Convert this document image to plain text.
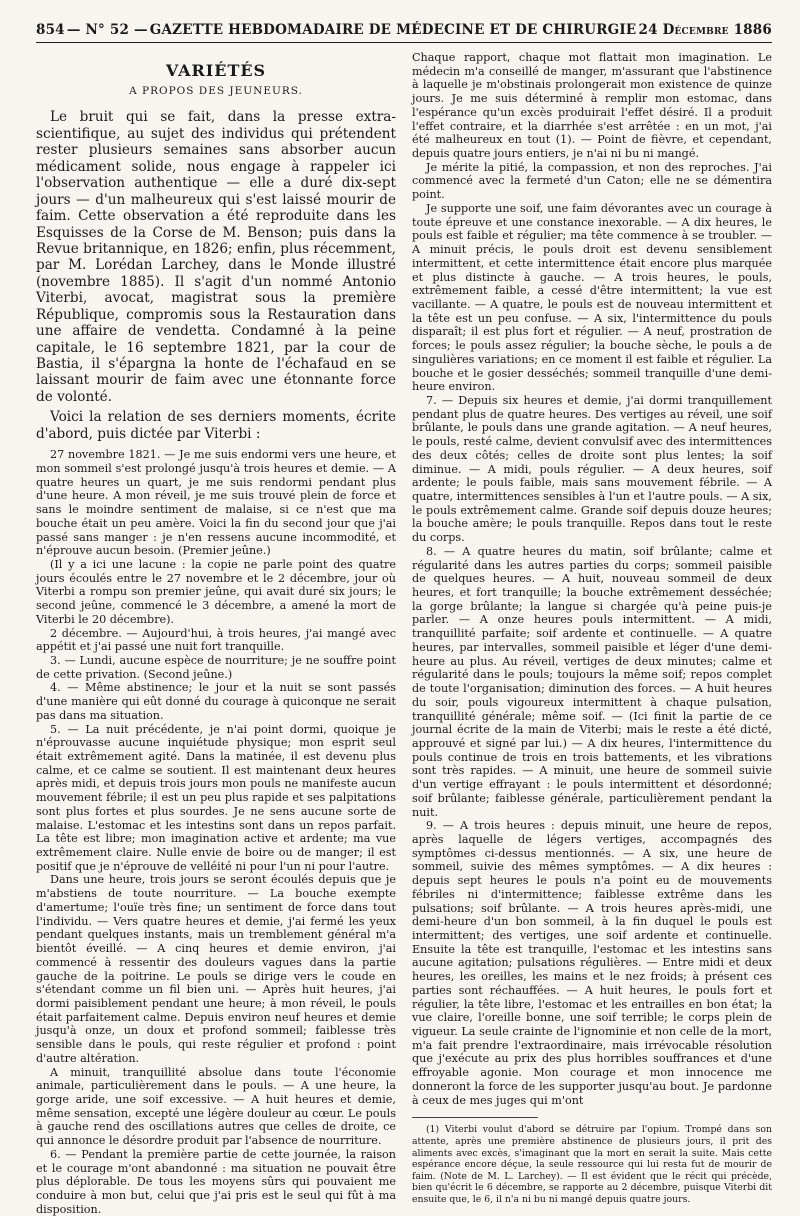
854 — N° 52 — GAZETTE HEBDOMADAIRE DE MÉDECINE ET DE CHIRURGIE 24 Décembre 1886
VARIÉTÉS
A PROPOS DES JEUNEURS.

Le bruit qui se fait, dans la presse extra-scientifique, au sujet des individus qui prétendent rester plusieurs semaines sans absorber aucun médicament solide, nous engage à rappeler ici l'observation authentique — elle a duré dix-sept jours — d'un malheureux qui s'est laissé mourir de faim. Cette observation a été reproduite dans les Esquisses de la Corse de M. Benson; puis dans la Revue britannique, en 1826; enfin, plus récemment, par M. Lorédan Larchey, dans le Monde illustré (novembre 1885). Il s'agit d'un nommé Antonio Viterbi, avocat, magistrat sous la première République, compromis sous la Restauration dans une affaire de vendetta. Condamné à la peine capitale, le 16 septembre 1821, par la cour de Bastia, il s'épargna la honte de l'échafaud en se laissant mourir de faim avec une étonnante force de volonté.

Voici la relation de ses derniers moments, écrite d'abord, puis dictée par Viterbi :

27 novembre 1821. — Je me suis endormi vers une heure, et mon sommeil s'est prolongé jusqu'à trois heures et demie. — A quatre heures un quart, je me suis rendormi pendant plus d'une heure. A mon réveil, je me suis trouvé plein de force et sans le moindre sentiment de malaise, si ce n'est que ma bouche était un peu amère. Voici la fin du second jour que j'ai passé sans manger : je n'en ressens aucune incommodité, et n'éprouve aucun besoin. (Premier jeûne.)

(Il y a ici une lacune : la copie ne parle point des quatre jours écoulés entre le 27 novembre et le 2 décembre, jour où Viterbi a rompu son premier jeûne, qui avait duré six jours; le second jeûne, commencé le 3 décembre, a amené la mort de Viterbi le 20 décembre).

2 décembre. — Aujourd'hui, à trois heures, j'ai mangé avec appétit et j'ai passé une nuit fort tranquille.

3. — Lundi, aucune espèce de nourriture; je ne souffre point de cette privation. (Second jeûne.)

4. — Même abstinence; le jour et la nuit se sont passés d'une manière qui eût donné du courage à quiconque ne serait pas dans ma situation.

5. — La nuit précédente, je n'ai point dormi, quoique je n'éprouvasse aucune inquiétude physique; mon esprit seul était extrêmement agité. Dans la matinée, il est devenu plus calme, et ce calme se soutient. Il est maintenant deux heures après midi, et depuis trois jours mon pouls ne manifeste aucun mouvement fébrile; il est un peu plus rapide et ses palpitations sont plus fortes et plus sourdes. Je ne sens aucune sorte de malaise. L'estomac et les intestins sont dans un repos parfait. La tête est libre; mon imagination active et ardente; ma vue extrêmement claire. Nulle envie de boire ou de manger; il est positif que je n'éprouve de velléité ni pour l'un ni pour l'autre.

Dans une heure, trois jours se seront écoulés depuis que je m'abstiens de toute nourriture. — La bouche exempte d'amertume; l'ouïe très fine; un sentiment de force dans tout l'individu. — Vers quatre heures et demie, j'ai fermé les yeux pendant quelques instants, mais un tremblement général m'a bientôt éveillé. — A cinq heures et demie environ, j'ai commencé à ressentir des douleurs vagues dans la partie gauche de la poitrine. Le pouls se dirige vers le coude en s'étendant comme un fil bien uni. — Après huit heures, j'ai dormi paisiblement pendant une heure; à mon réveil, le pouls était parfaitement calme. Depuis environ neuf heures et demie jusqu'à onze, un doux et profond sommeil; faiblesse très sensible dans le pouls, qui reste régulier et profond : point d'autre altération.

A minuit, tranquillité absolue dans toute l'économie animale, particulièrement dans le pouls. — A une heure, la gorge aride, une soif excessive. — A huit heures et demie, même sensation, excepté une légère douleur au cœur. Le pouls à gauche rend des oscillations autres que celles de droite, ce qui annonce le désordre produit par l'absence de nourriture.

6. — Pendant la première partie de cette journée, la raison et le courage m'ont abandonné : ma situation ne pouvait être plus déplorable. De tous les moyens sûrs qui pouvaient me conduire à mon but, celui que j'ai pris est le seul qui fût à ma disposition.

Chaque rapport, chaque mot flattait mon imagination. Le médecin m'a conseillé de manger, m'assurant que l'abstinence à laquelle je m'obstinais prolongerait mon existence de quinze jours. Je me suis déterminé à remplir mon estomac, dans l'espérance qu'un excès produirait l'effet désiré. Il a produit l'effet contraire, et la diarrhée s'est arrêtée : en un mot, j'ai été malheureux en tout (1). — Point de fièvre, et cependant, depuis quatre jours entiers, je n'ai ni bu ni mangé.

Je mérite la pitié, la compassion, et non des reproches. J'ai commencé avec la fermeté d'un Caton; elle ne se démentira point.

Je supporte une soif, une faim dévorantes avec un courage à toute épreuve et une constance inexorable. — A dix heures, le pouls est faible et régulier; ma tête commence à se troubler. — A minuit précis, le pouls droit est devenu sensiblement intermittent, et cette intermittence était encore plus marquée et plus distincte à gauche. — A trois heures, le pouls, extrêmement faible, a cessé d'être intermittent; la vue est vacillante. — A quatre, le pouls est de nouveau intermittent et la tête est un peu confuse. — A six, l'intermittence du pouls disparaît; il est plus fort et régulier. — A neuf, prostration de forces; le pouls assez régulier; la bouche sèche, le pouls a de singulières variations; en ce moment il est faible et régulier. La bouche et le gosier desséchés; sommeil tranquille d'une demi-heure environ.

7. — Depuis six heures et demie, j'ai dormi tranquillement pendant plus de quatre heures. Des vertiges au réveil, une soif brûlante, le pouls dans une grande agitation. — A neuf heures, le pouls, resté calme, devient convulsif avec des intermittences des deux côtés; celles de droite sont plus lentes; la soif diminue. — A midi, pouls régulier. — A deux heures, soif ardente; le pouls faible, mais sans mouvement fébrile. — A quatre, intermittences sensibles à l'un et l'autre pouls. — A six, le pouls extrêmement calme. Grande soif depuis douze heures; la bouche amère; le pouls tranquille. Repos dans tout le reste du corps.

8. — A quatre heures du matin, soif brûlante; calme et régularité dans les autres parties du corps; sommeil paisible de quelques heures. — A huit, nouveau sommeil de deux heures, et fort tranquille; la bouche extrêmement desséchée; la gorge brûlante; la langue si chargée qu'à peine puis-je parler. — A onze heures pouls intermittent. — A midi, tranquillité parfaite; soif ardente et continuelle. — A quatre heures, par intervalles, sommeil paisible et léger d'une demi-heure au plus. Au réveil, vertiges de deux minutes; calme et régularité dans le pouls; toujours la même soif; repos complet de toute l'organisation; diminution des forces. — A huit heures du soir, pouls vigoureux intermittent à chaque pulsation, tranquillité générale; même soif. — (Ici finit la partie de ce journal écrite de la main de Viterbi; mais le reste a été dicté, approuvé et signé par lui.) — A dix heures, l'intermittence du pouls continue de trois en trois battements, et les vibrations sont très rapides. — A minuit, une heure de sommeil suivie d'un vertige effrayant : le pouls intermittent et désordonné; soif brûlante; faiblesse générale, particulièrement pendant la nuit.

9. — A trois heures : depuis minuit, une heure de repos, après laquelle de légers vertiges, accompagnés des symptômes ci-dessus mentionnés. — A six, une heure de sommeil, suivie des mêmes symptômes. — A dix heures : depuis sept heures le pouls n'a point eu de mouvements fébriles ni d'intermittence; faiblesse extrême dans les pulsations; soif brûlante. — A trois heures après-midi, une demi-heure d'un bon sommeil, à la fin duquel le pouls est intermittent; des vertiges, une soif ardente et continuelle. Ensuite la tête est tranquille, l'estomac et les intestins sans aucune agitation; pulsations régulières. — Entre midi et deux heures, les oreilles, les mains et le nez froids; à présent ces parties sont réchauffées. — A huit heures, le pouls fort et régulier, la tête libre, l'estomac et les entrailles en bon état; la vue claire, l'oreille bonne, une soif terrible; le corps plein de vigueur. La seule crainte de l'ignominie et non celle de la mort, m'a fait prendre l'extraordinaire, mais irrévocable résolution que j'exécute au prix des plus horribles souffrances et d'une effroyable agonie. Mon courage et mon innocence me donneront la force de les supporter jusqu'au bout. Je pardonne à ceux de mes juges qui m'ont

(1) Viterbi voulut d'abord se détruire par l'opium. Trompé dans son attente, après une première abstinence de plusieurs jours, il prit des aliments avec excès, s'imaginant que la mort en serait la suite. Mais cette espérance encore déçue, la seule ressource qui lui resta fut de mourir de faim. (Note de M. L. Larchey). — Il est évident que le récit qui précède, bien qu'écrit le 6 décembre, se rapporte au 2 décembre, puisque Viterbi dit ensuite que, le 6, il n'a ni bu ni mangé depuis quatre jours.
